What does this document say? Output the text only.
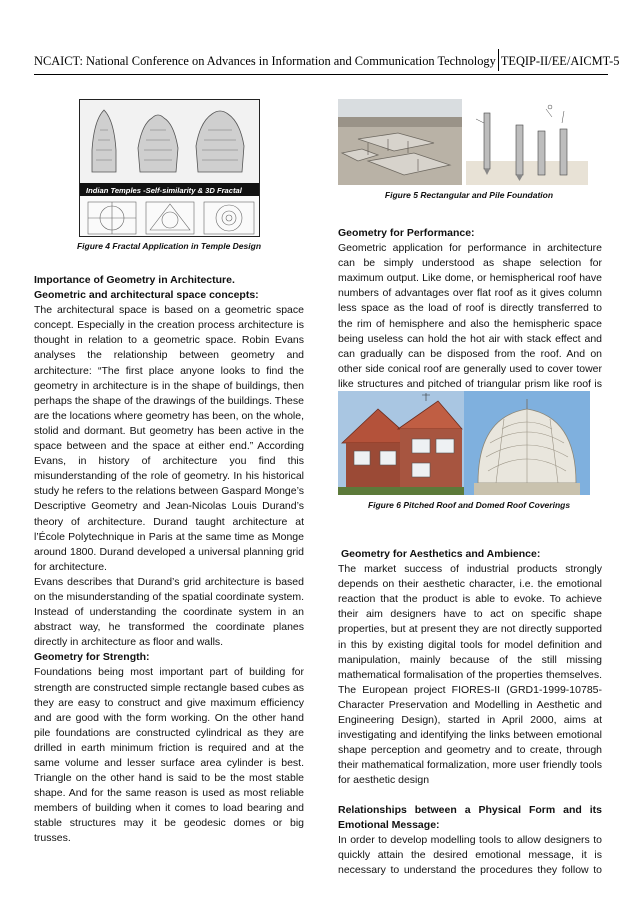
NCAICT: National Conference on Advances in Information and Communication Technology TEQIP-II/EE/AICMT-5
Indian Temples -Self-similarity & 3D Fractal
Figure 4 Fractal Application in Temple Design
Figure 5 Rectangular and Pile Foundation

Importance of Geometry in Architecture.

Geometric and architectural space concepts:

The architectural space is based on a geometric space concept. Especially in the creation process architecture is thought in relation to a geometric space. Robin Evans analyses the relationship between geometry and architecture: “The first place anyone looks to find the geometry in architecture is in the shape of buildings, then perhaps the shape of the drawings of the buildings. These are the locations where geometry has been, on the whole, stolid and dormant. But geometry has been active in the space between and the space at either end.” According Evans, in history of architecture you find this misunderstanding of the role of geometry. In his historical study he refers to the relations between Gaspard Monge’s Descriptive Geometry and Jean-Nicolas Louis Durand’s theory of architecture. Durand taught architecture at l’École Polytechnique in Paris at the same time as Monge around 1800. Durand developed a universal planning grid for architecture.

Evans describes that Durand’s grid architecture is based on the misunderstanding of the spatial coordinate system. Instead of understanding the coordinate system in an abstract way, he transformed the coordinate planes directly in architecture as floor and walls.

Geometry for Strength:

Foundations being most important part of building for strength are constructed simple rectangle based cubes as they are easy to construct and give maximum efficiency and are good with the form working. On the other hand pile foundations are constructed cylindrical as they are drilled in earth minimum friction is required and at the same volume and lesser surface area cylinder is best. Triangle on the other hand is said to be the most stable shape. And for the same reason is used as most reliable members of building when it comes to load bearing and stable structures may it be geodesic domes or big trusses.

Geometry for Performance:

Geometric application for performance in architecture can be simply understood as shape selection for maximum output. Like dome, or hemispherical roof have numbers of advantages over flat roof as it gives column less space as the load of roof is directly transferred to the rim of hemisphere and also the hemispheric space being useless can hold the hot air with stack effect and can gradually can be disposed from the roof. And on other side conical roof are generally used to cover tower like structures and pitched of triangular prism like roof is

Figure 6 Pitched Roof and Domed Roof Coverings

Geometry for Aesthetics and Ambience:

The market success of industrial products strongly depends on their aesthetic character, i.e. the emotional reaction that the product is able to evoke. To achieve their aim designers have to act on specific shape properties, but at present they are not directly supported in this by existing digital tools for model definition and manipulation, mainly because of the still missing mathematical formalisation of the properties themselves. The European project FIORES-II (GRD1-1999-10785-Character Preservation and Modelling in Aesthetic and Engineering Design), started in April 2000, aims at investigating and identifying the links between emotional shape perception and geometry and to create, through their mathematical formalization, more user friendly tools for aesthetic design

Relationships between a Physical Form and its Emotional Message:

In order to develop modelling tools to allow designers to quickly attain the desired emotional message, it is necessary to understand the procedures they follow to
